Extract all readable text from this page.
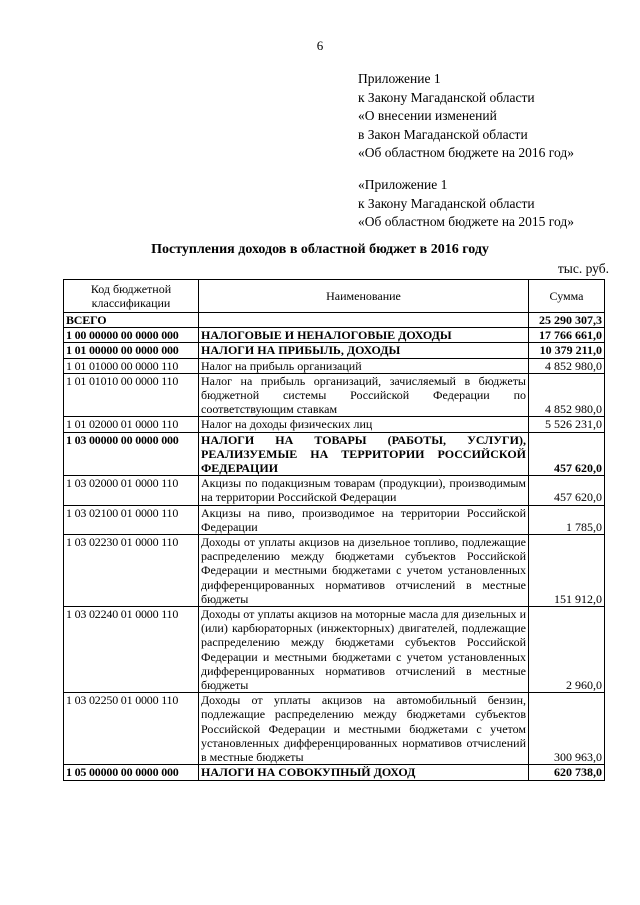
6
Приложение 1
к Закону Магаданской области
«О внесении изменений
в Закон Магаданской области
«Об областном бюджете на 2016 год»
«Приложение 1
к Закону Магаданской области
«Об областном бюджете на 2015 год»
Поступления доходов в областной бюджет в 2016 году
тыс. руб.
Код бюджетной классификации	Наименование	Сумма
ВСЕГО		25 290 307,3
1 00 00000 00 0000 000	НАЛОГОВЫЕ И НЕНАЛОГОВЫЕ ДОХОДЫ	17 766 661,0
1 01 00000 00 0000 000	НАЛОГИ НА ПРИБЫЛЬ, ДОХОДЫ	10 379 211,0
1 01 01000 00 0000 110	Налог на прибыль организаций	4 852 980,0
1 01 01010 00 0000 110	Налог на прибыль организаций, зачисляемый в бюджеты бюджетной системы Российской Федерации по соответствующим ставкам	4 852 980,0
1 01 02000 01 0000 110	Налог на доходы физических лиц	5 526 231,0
1 03 00000 00 0000 000	НАЛОГИ НА ТОВАРЫ (РАБОТЫ, УСЛУГИ), РЕАЛИЗУЕМЫЕ НА ТЕРРИТОРИИ РОССИЙСКОЙ ФЕДЕРАЦИИ	457 620,0
1 03 02000 01 0000 110	Акцизы по подакцизным товарам (продукции), производимым на территории Российской Федерации	457 620,0
1 03 02100 01 0000 110	Акцизы на пиво, производимое на территории Российской Федерации	1 785,0
1 03 02230 01 0000 110	Доходы от уплаты акцизов на дизельное топливо, подлежащие распределению между бюджетами субъектов Российской Федерации и местными бюджетами с учетом установленных дифференцированных нормативов отчислений в местные бюджеты	151 912,0
1 03 02240 01 0000 110	Доходы от уплаты акцизов на моторные масла для дизельных и (или) карбюраторных (инжекторных) двигателей, подлежащие распределению между бюджетами субъектов Российской Федерации и местными бюджетами с учетом установленных дифференцированных нормативов отчислений в местные бюджеты	2 960,0
1 03 02250 01 0000 110	Доходы от уплаты акцизов на автомобильный бензин, подлежащие распределению между бюджетами субъектов Российской Федерации и местными бюджетами с учетом установленных дифференцированных нормативов отчислений в местные бюджеты	300 963,0
1 05 00000 00 0000 000	НАЛОГИ НА СОВОКУПНЫЙ ДОХОД	620 738,0
